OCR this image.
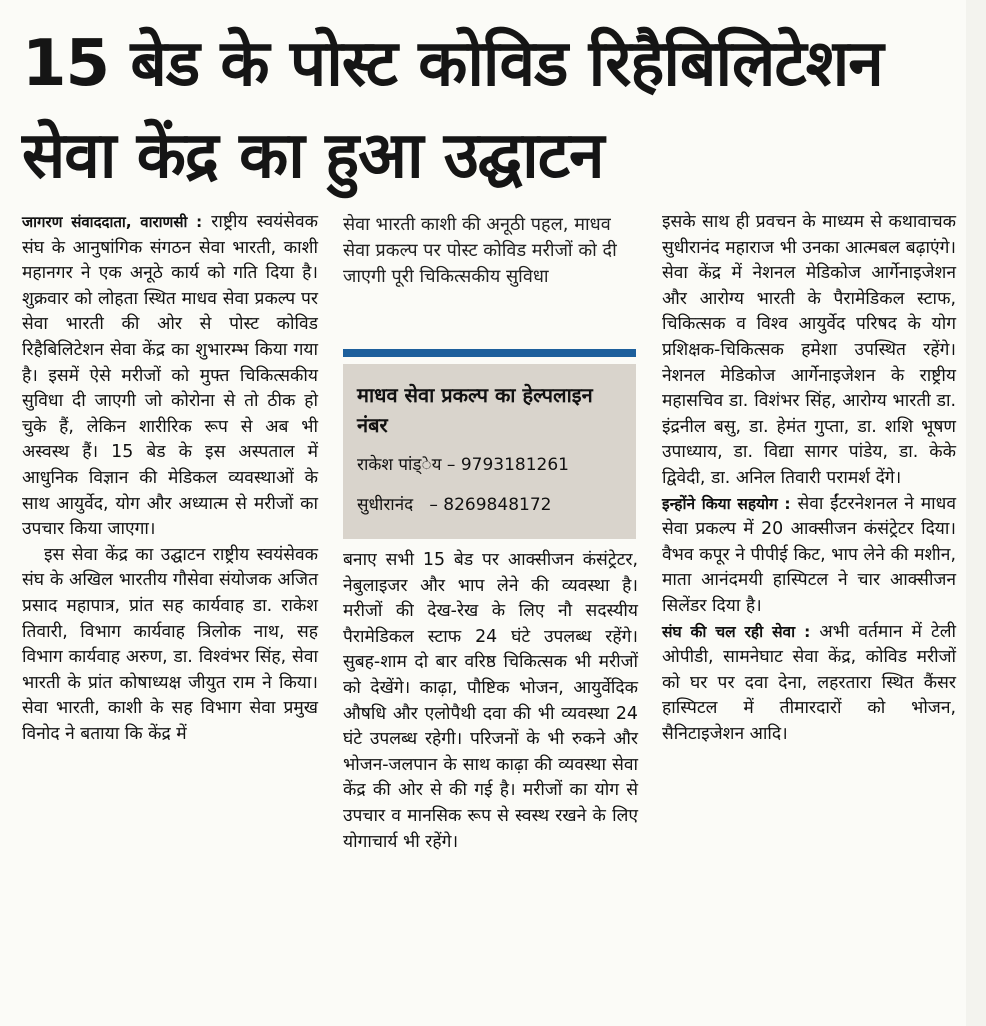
15 बेड के पोस्ट कोविड रिहैबिलिटेशन
सेवा केंद्र का हुआ उद्घाटन

जागरण संवाददाता, वाराणसी : राष्ट्रीय स्वयंसेवक संघ के आनुषांगिक संगठन सेवा भारती, काशी महानगर ने एक अनूठे कार्य को गति दिया है। शुक्रवार को लोहता स्थित माधव सेवा प्रकल्प पर सेवा भारती की ओर से पोस्ट कोविड रिहैबिलिटेशन सेवा केंद्र का शुभारम्भ किया गया है। इसमें ऐसे मरीजों को मुफ्त चिकित्सकीय सुविधा दी जाएगी जो कोरोना से तो ठीक हो चुके हैं, लेकिन शारीरिक रूप से अब भी अस्वस्थ हैं। 15 बेड के इस अस्पताल में आधुनिक विज्ञान की मेडिकल व्यवस्थाओं के साथ आयुर्वेद, योग और अध्यात्म से मरीजों का उपचार किया जाएगा।

इस सेवा केंद्र का उद्घाटन राष्ट्रीय स्वयंसेवक संघ के अखिल भारतीय गौसेवा संयोजक अजित प्रसाद महापात्र, प्रांत सह कार्यवाह डा. राकेश तिवारी, विभाग कार्यवाह त्रिलोक नाथ, सह विभाग कार्यवाह अरुण, डा. विश्वंभर सिंह, सेवा भारती के प्रांत कोषाध्यक्ष जीयुत राम ने किया। सेवा भारती, काशी के सह विभाग सेवा प्रमुख विनोद ने बताया कि केंद्र में

सेवा भारती काशी की अनूठी पहल, माधव सेवा प्रकल्प पर पोस्ट कोविड मरीजों को दी जाएगी पूरी चिकित्सकीय सुविधा
माधव सेवा प्रकल्प का हेल्पलाइन नंबर
राकेश पांड्ेय – 9793181261
सुधीरानंद   – 8269848172

बनाए सभी 15 बेड पर आक्सीजन कंसंट्रेटर, नेबुलाइजर और भाप लेने की व्यवस्था है। मरीजों की देख-रेख के लिए नौ सदस्यीय पैरामेडिकल स्टाफ 24 घंटे उपलब्ध रहेंगे। सुबह-शाम दो बार वरिष्ठ चिकित्सक भी मरीजों को देखेंगे। काढ़ा, पौष्टिक भोजन, आयुर्वेदिक औषधि और एलोपैथी दवा की भी व्यवस्था 24 घंटे उपलब्ध रहेगी। परिजनों के भी रुकने और भोजन-जलपान के साथ काढ़ा की व्यवस्था सेवा केंद्र की ओर से की गई है। मरीजों का योग से उपचार व मानसिक रूप से स्वस्थ रखने के लिए योगाचार्य भी रहेंगे।

इसके साथ ही प्रवचन के माध्यम से कथावाचक सुधीरानंद महाराज भी उनका आत्मबल बढ़ाएंगे। सेवा केंद्र में नेशनल मेडिकोज आर्गेनाइजेशन और आरोग्य भारती के पैरामेडिकल स्टाफ, चिकित्सक व विश्व आयुर्वेद परिषद के योग प्रशिक्षक-चिकित्सक हमेशा उपस्थित रहेंगे। नेशनल मेडिकोज आर्गेनाइजेशन के राष्ट्रीय महासचिव डा. विशंभर सिंह, आरोग्य भारती डा. इंद्रनील बसु, डा. हेमंत गुप्ता, डा. शशि भूषण उपाध्याय, डा. विद्या सागर पांडेय, डा. केके द्विवेदी, डा. अनिल तिवारी परामर्श देंगे।

इन्होंने किया सहयोग : सेवा ईंटरनेशनल ने माधव सेवा प्रकल्प में 20 आक्सीजन कंसंट्रेटर दिया। वैभव कपूर ने पीपीई किट, भाप लेने की मशीन, माता आनंदमयी हास्पिटल ने चार आक्सीजन सिलेंडर दिया है।

संघ की चल रही सेवा : अभी वर्तमान में टेली ओपीडी, सामनेघाट सेवा केंद्र, कोविड मरीजों को घर पर दवा देना, लहरतारा स्थित कैंसर हास्पिटल में तीमारदारों को भोजन, सैनिटाइजेशन आदि।
